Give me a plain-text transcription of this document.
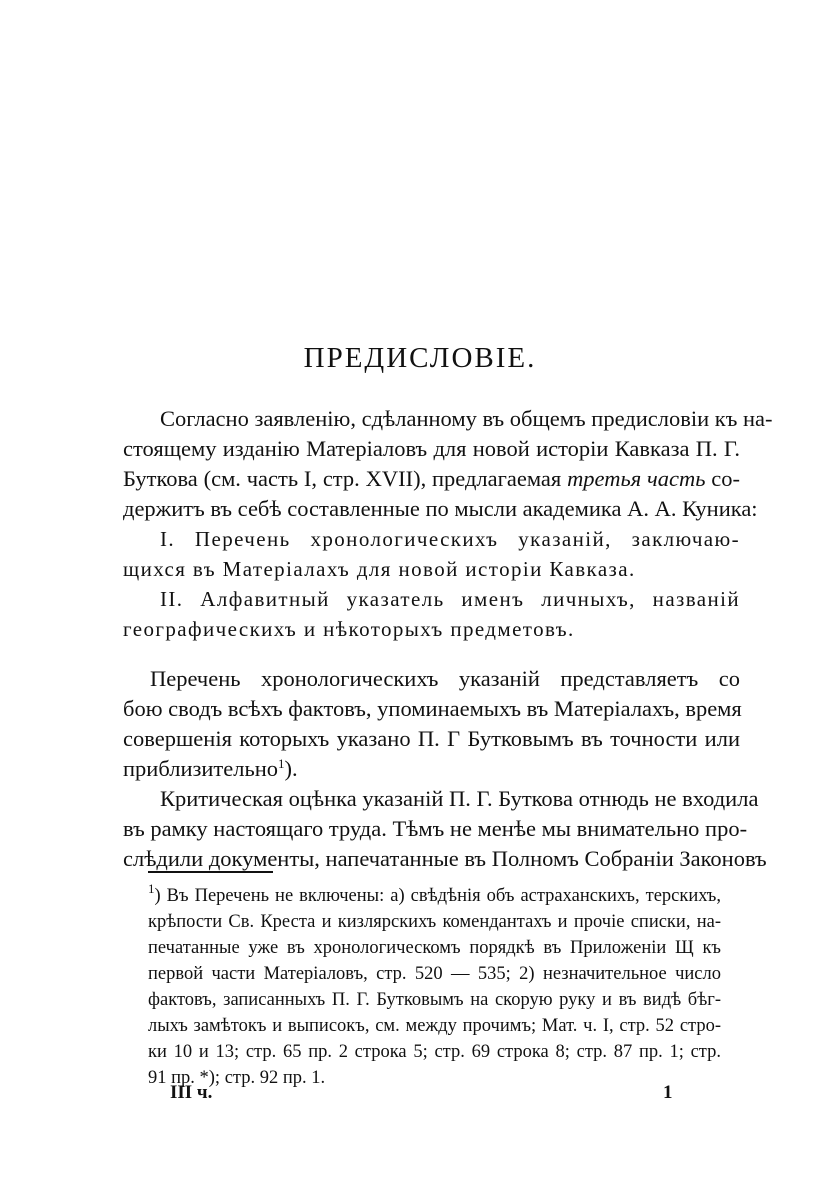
ПРЕДИСЛОВІЕ.
Согласно заявленію, сдѣланному въ общемъ предисловіи къ на-
стоящему изданію Матеріаловъ для новой исторіи Кавказа П. Г.
Буткова (см. часть I, стр. XVII), предлагаемая третья часть со-
держитъ въ себѣ составленные по мысли академика А. А. Куника:
I. Перечень хронологическихъ указаній, заключаю-
щихся въ Матеріалахъ для новой исторіи Кавказа.
II. Алфавитный указатель именъ личныхъ, названій
географическихъ и нѣкоторыхъ предметовъ.
Перечень хронологическихъ указаній представляетъ со
бою сводъ всѣхъ фактовъ, упоминаемыхъ въ Матеріалахъ, время
совершенія которыхъ указано П. Г Бутковымъ въ точности или
приблизительно$^1$).
Критическая оцѣнка указаній П. Г. Буткова отнюдь не входила
въ рамку настоящаго труда. Тѣмъ не менѣе мы внимательно про-
слѣдили документы, напечатанные въ Полномъ Собраніи Законовъ
$^1$) Въ Перечень не включены: а) свѣдѣнія объ астраханскихъ, терскихъ,
крѣпости Св. Креста и кизлярскихъ комендантахъ и прочіе списки, на-
печатанные уже въ хронологическомъ порядкѣ въ Приложеніи Щ къ
первой части Матеріаловъ, стр. 520 — 535; 2) незначительное число
фактовъ, записанныхъ П. Г. Бутковымъ на скорую руку и въ видѣ бѣг-
лыхъ замѣтокъ и выписокъ, см. между прочимъ; Мат. ч. I, стр. 52 стро-
ки 10 и 13; стр. 65 пр. 2 строка 5; стр. 69 строка 8; стр. 87 пр. 1; стр.
91 пр. *); стр. 92 пр. 1.
III ч.	1
